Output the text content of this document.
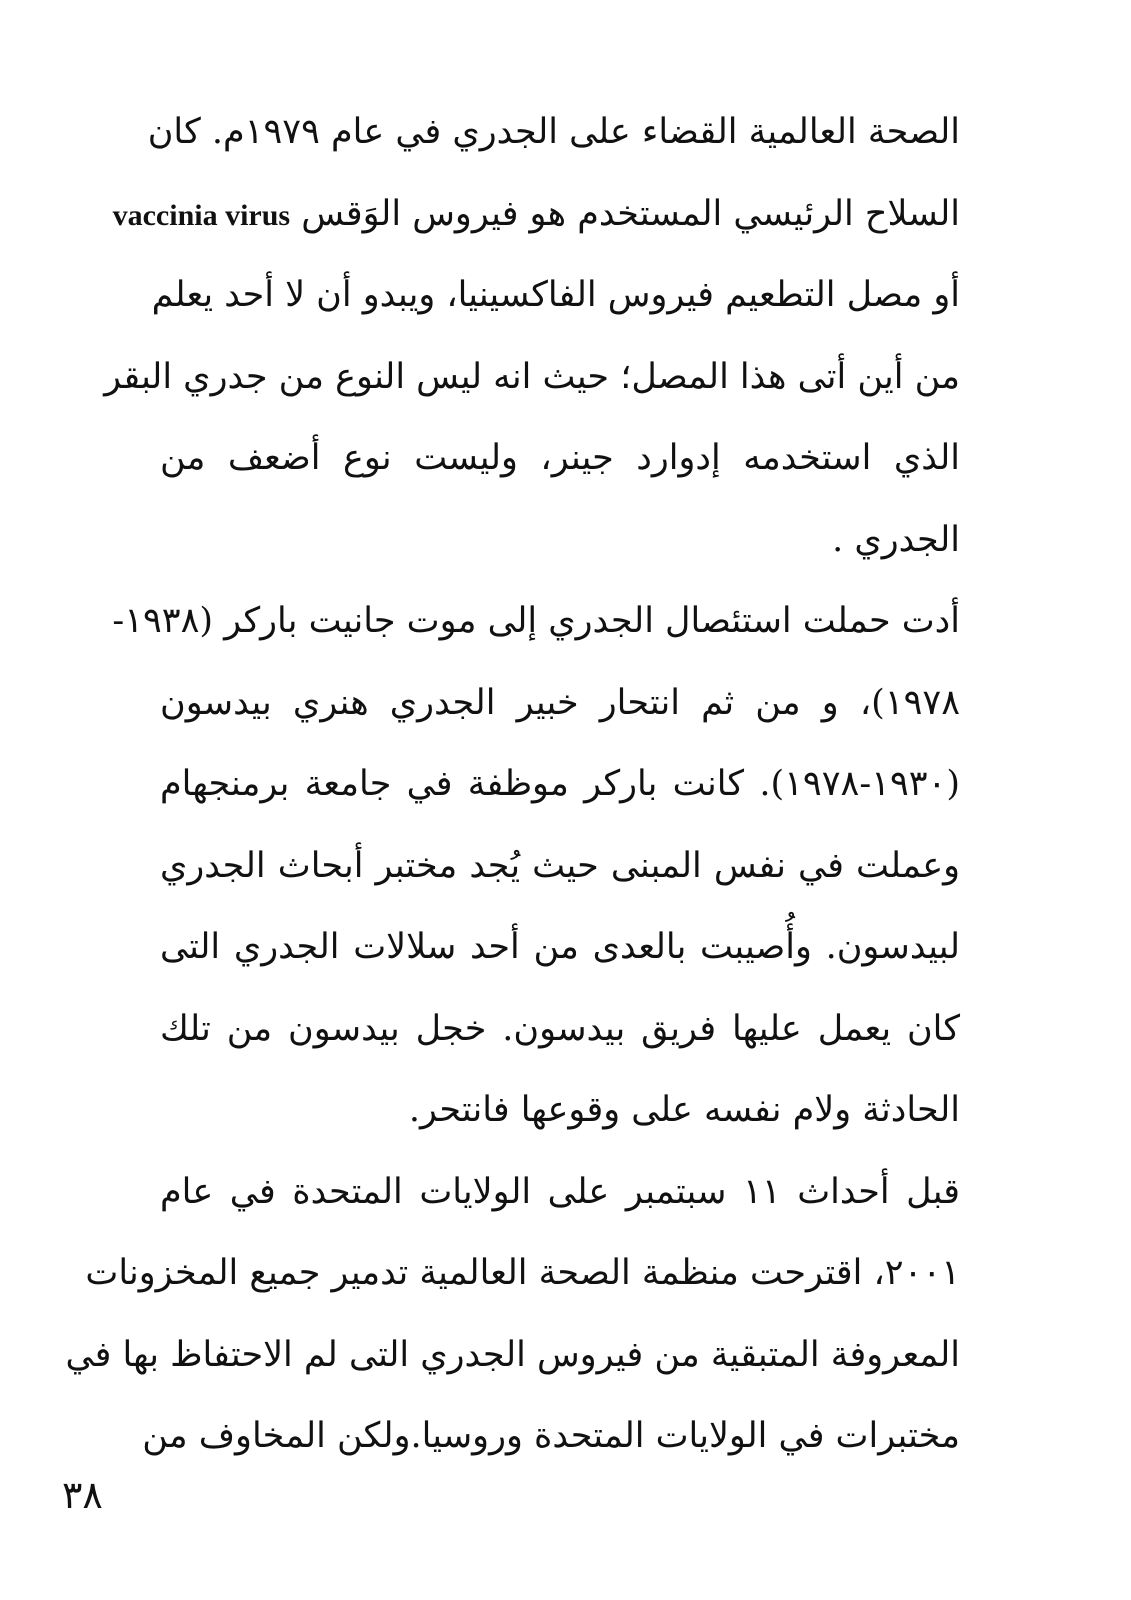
الصحة العالمية القضاء على الجدري في عام ١٩٧٩م. كان
السلاح الرئيسي المستخدم هو فيروس الوَقس vaccinia virus
أو مصل التطعيم فيروس الفاكسينيا، ويبدو أن لا أحد يعلم
من أين أتى هذا المصل؛ حيث انه ليس النوع من جدري البقر
الذي استخدمه إدوارد جينر، وليست نوع أضعف من
الجدري .
أدت حملت استئصال الجدري إلى موت جانيت باركر (١٩٣٨-
١٩٧٨)، و من ثم انتحار خبير الجدري هنري بيدسون
(١٩٣٠-١٩٧٨). كانت باركر موظفة في جامعة برمنجهام
وعملت في نفس المبنى حيث يُجد مختبر أبحاث الجدري
لبيدسون. وأُصيبت بالعدى من أحد سلالات الجدري التى
كان يعمل عليها فريق بيدسون. خجل بيدسون من تلك
الحادثة ولام نفسه على وقوعها فانتحر.
قبل أحداث ١١ سبتمبر على الولايات المتحدة في عام
٢٠٠١، اقترحت منظمة الصحة العالمية تدمير جميع المخزونات
المعروفة المتبقية من فيروس الجدري التى لم الاحتفاظ بها في
مختبرات في الولايات المتحدة وروسيا.ولكن المخاوف من
٣٨
